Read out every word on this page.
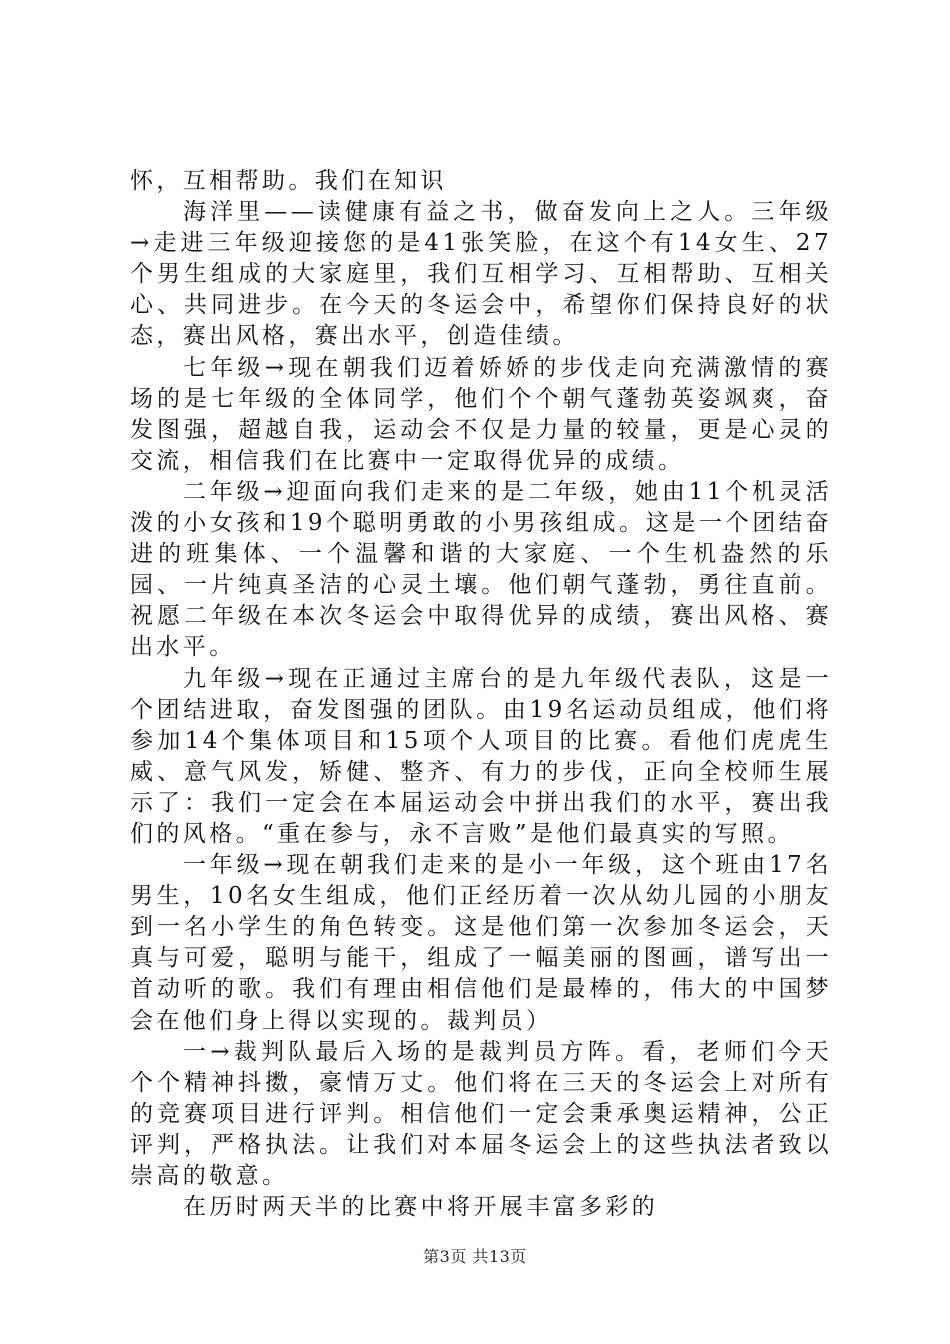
怀，互相帮助。我们在知识

海洋里——读健康有益之书，做奋发向上之人。三年级→走进三年级迎接您的是41张笑脸，在这个有14女生、27个男生组成的大家庭里，我们互相学习、互相帮助、互相关心、共同进步。在今天的冬运会中，希望你们保持良好的状态，赛出风格，赛出水平，创造佳绩。

七年级→现在朝我们迈着娇娇的步伐走向充满激情的赛场的是七年级的全体同学，他们个个朝气蓬勃英姿飒爽，奋发图强，超越自我，运动会不仅是力量的较量，更是心灵的交流，相信我们在比赛中一定取得优异的成绩。

二年级→迎面向我们走来的是二年级，她由11个机灵活泼的小女孩和19个聪明勇敢的小男孩组成。这是一个团结奋进的班集体、一个温馨和谐的大家庭、一个生机盎然的乐园、一片纯真圣洁的心灵土壤。他们朝气蓬勃，勇往直前。祝愿二年级在本次冬运会中取得优异的成绩，赛出风格、赛出水平。

九年级→现在正通过主席台的是九年级代表队，这是一个团结进取，奋发图强的团队。由19名运动员组成，他们将参加14个集体项目和15项个人项目的比赛。看他们虎虎生威、意气风发，矫健、整齐、有力的步伐，正向全校师生展示了：我们一定会在本届运动会中拼出我们的水平，赛出我们的风格。“重在参与，永不言败”是他们最真实的写照。

一年级→现在朝我们走来的是小一年级，这个班由17名男生，10名女生组成，他们正经历着一次从幼儿园的小朋友到一名小学生的角色转变。这是他们第一次参加冬运会，天真与可爱，聪明与能干，组成了一幅美丽的图画，谱写出一首动听的歌。我们有理由相信他们是最棒的，伟大的中国梦会在他们身上得以实现的。裁判员）

一→裁判队最后入场的是裁判员方阵。看，老师们今天个个精神抖擞，豪情万丈。他们将在三天的冬运会上对所有的竞赛项目进行评判。相信他们一定会秉承奥运精神，公正评判，严格执法。让我们对本届冬运会上的这些执法者致以崇高的敬意。

在历时两天半的比赛中将开展丰富多彩的

第3页 共13页
